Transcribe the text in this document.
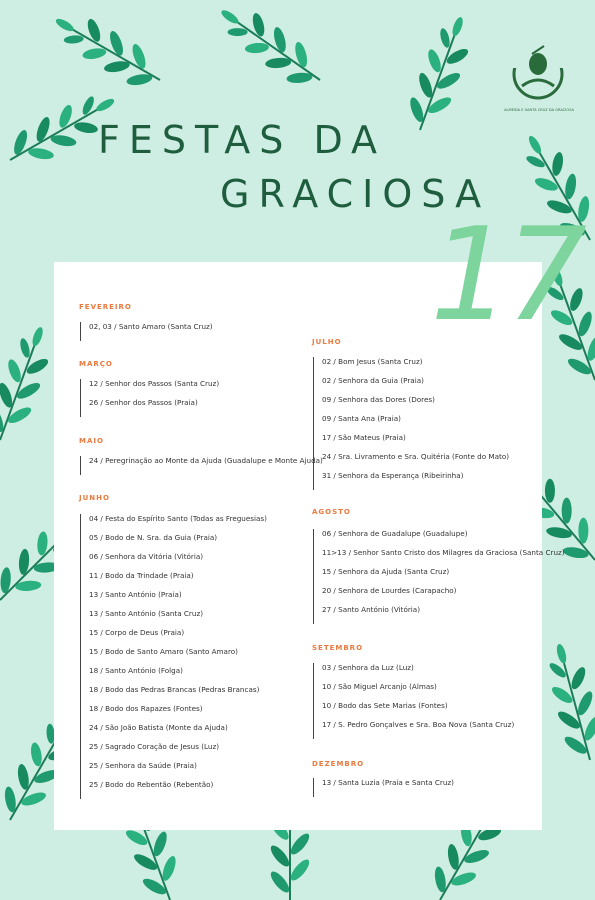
ALMEIDA E SANTA CRUZ DA GRACIOSA
FESTAS DA
GRACIOSA
17
FEVEREIRO
02, 03 / Santo Amaro (Santa Cruz)
MARÇO
12 / Senhor dos Passos (Santa Cruz)
26 / Senhor dos Passos (Praia)
MAIO
24 / Peregrinação ao Monte da Ajuda (Guadalupe e Monte Ajuda)
JUNHO
04 / Festa do Espírito Santo (Todas as Freguesias)
05 / Bodo de N. Sra. da Guia (Praia)
06 / Senhora da Vitória (Vitória)
11 / Bodo da Trindade (Praia)
13 / Santo António (Praia)
13 / Santo António (Santa Cruz)
15 / Corpo de Deus (Praia)
15 / Bodo de Santo Amaro (Santo Amaro)
18 / Santo António (Folga)
18 / Bodo das Pedras Brancas (Pedras Brancas)
18 / Bodo dos Rapazes (Fontes)
24 / São João Batista (Monte da Ajuda)
25 / Sagrado Coração de Jesus (Luz)
25 / Senhora da Saúde (Praia)
25 / Bodo do Rebentão (Rebentão)
JULHO
02 / Bom Jesus (Santa Cruz)
02 / Senhora da Guia (Praia)
09 / Senhora das Dores (Dores)
09 / Santa Ana (Praia)
17 / São Mateus (Praia)
24 / Sra. Livramento e Sra. Quitéria (Fonte do Mato)
31 / Senhora da Esperança (Ribeirinha)
AGOSTO
06 / Senhora de Guadalupe (Guadalupe)
11>13 / Senhor Santo Cristo dos Milagres da Graciosa (Santa Cruz)
15 / Senhora da Ajuda (Santa Cruz)
20 / Senhora de Lourdes (Carapacho)
27 / Santo António (Vitória)
SETEMBRO
03 / Senhora da Luz (Luz)
10 / São Miguel Arcanjo (Almas)
10 / Bodo das Sete Marias (Fontes)
17 / S. Pedro Gonçalves e Sra. Boa Nova (Santa Cruz)
DEZEMBRO
13 / Santa Luzia (Praia e Santa Cruz)
